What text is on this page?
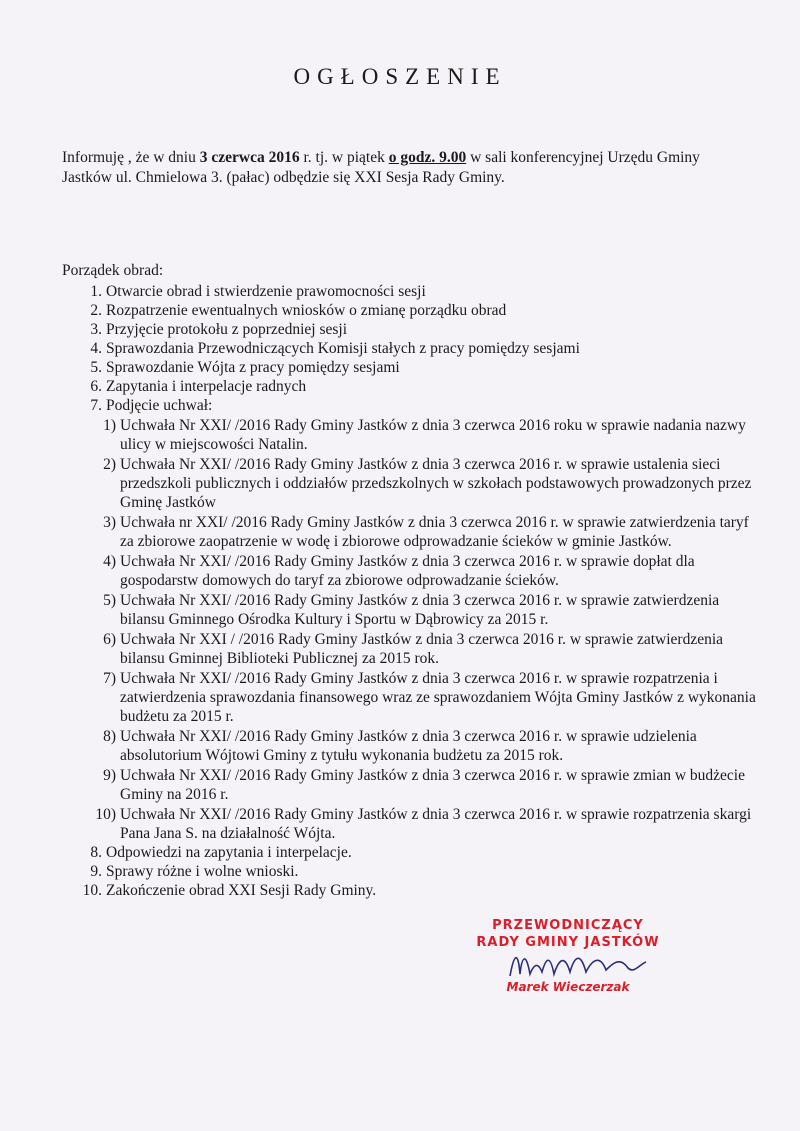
OGŁOSZENIE
Informuję , że w dniu 3 czerwca 2016 r. tj. w piątek o godz. 9.00 w sali konferencyjnej Urzędu Gminy Jastków ul. Chmielowa 3. (pałac) odbędzie się XXI Sesja Rady Gminy.
Porządek obrad:
1. Otwarcie obrad i stwierdzenie prawomocności sesji
2. Rozpatrzenie ewentualnych wniosków o zmianę porządku obrad
3. Przyjęcie protokołu z poprzedniej sesji
4. Sprawozdania Przewodniczących Komisji stałych z pracy pomiędzy sesjami
5. Sprawozdanie Wójta z pracy pomiędzy sesjami
6. Zapytania i interpelacje radnych
7. Podjęcie uchwał:
1) Uchwała Nr XXI/ /2016 Rady Gminy Jastków z dnia 3 czerwca 2016 roku w sprawie nadania nazwy ulicy w miejscowości Natalin.
2) Uchwała Nr XXI/ /2016 Rady Gminy Jastków z dnia 3 czerwca 2016 r. w sprawie ustalenia sieci przedszkoli publicznych i oddziałów przedszkolnych w szkołach podstawowych prowadzonych przez Gminę Jastków
3) Uchwała nr XXI/ /2016 Rady Gminy Jastków z dnia 3 czerwca 2016 r. w sprawie zatwierdzenia taryf za zbiorowe zaopatrzenie w wodę i zbiorowe odprowadzanie ścieków w gminie Jastków.
4) Uchwała Nr XXI/ /2016 Rady Gminy Jastków z dnia 3 czerwca 2016 r. w sprawie dopłat dla gospodarstw domowych do taryf za zbiorowe odprowadzanie ścieków.
5) Uchwała Nr XXI/ /2016 Rady Gminy Jastków z dnia 3 czerwca 2016 r. w sprawie zatwierdzenia bilansu Gminnego Ośrodka Kultury i Sportu w Dąbrowicy za 2015 r.
6) Uchwała Nr XXI / /2016 Rady Gminy Jastków z dnia 3 czerwca 2016 r. w sprawie zatwierdzenia bilansu Gminnej Biblioteki Publicznej za 2015 rok.
7) Uchwała Nr XXI/ /2016 Rady Gminy Jastków z dnia 3 czerwca 2016 r. w sprawie rozpatrzenia i zatwierdzenia sprawozdania finansowego wraz ze sprawozdaniem Wójta Gminy Jastków z wykonania budżetu za 2015 r.
8) Uchwała Nr XXI/ /2016 Rady Gminy Jastków z dnia 3 czerwca 2016 r. w sprawie udzielenia absolutorium Wójtowi Gminy z tytułu wykonania budżetu za 2015 rok.
9) Uchwała Nr XXI/ /2016 Rady Gminy Jastków z dnia 3 czerwca 2016 r. w sprawie zmian w budżecie Gminy na 2016 r.
10) Uchwała Nr XXI/ /2016 Rady Gminy Jastków z dnia 3 czerwca 2016 r. w sprawie rozpatrzenia skargi Pana Jana S. na działalność Wójta.
8. Odpowiedzi na zapytania i interpelacje.
9. Sprawy różne i wolne wnioski.
10. Zakończenie obrad XXI Sesji Rady Gminy.
PRZEWODNICZĄCY
RADY GMINY JASTKÓW
Marek Wieczerzak
